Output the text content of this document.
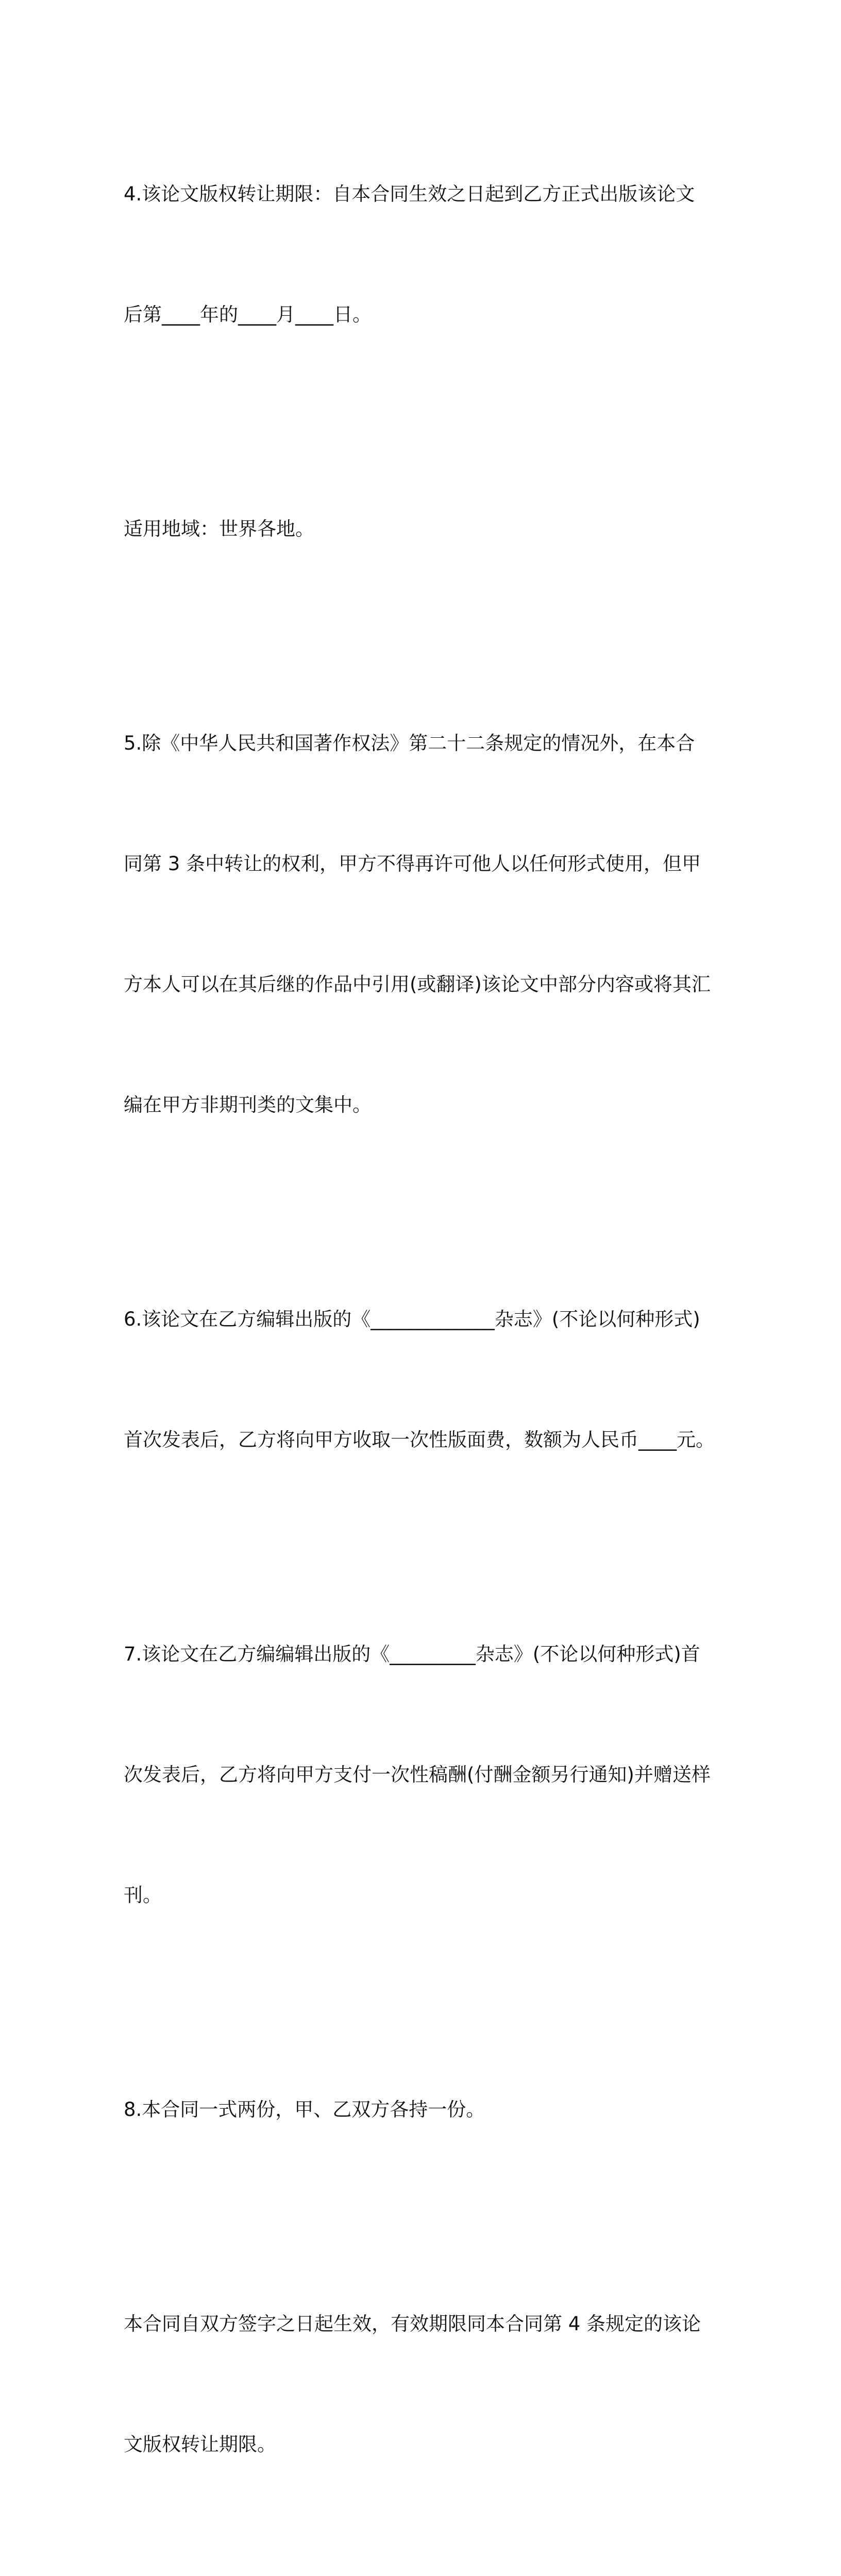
4.该论文版权转让期限：自本合同生效之日起到乙方正式出版该论文

后第____年的____月____日。

适用地域：世界各地。

5.除《中华人民共和国著作权法》第二十二条规定的情况外，在本合

同第 3 条中转让的权利，甲方不得再许可他人以任何形式使用，但甲

方本人可以在其后继的作品中引用(或翻译)该论文中部分内容或将其汇

编在甲方非期刊类的文集中。

6.该论文在乙方编辑出版的《_____________杂志》(不论以何种形式)

首次发表后，乙方将向甲方收取一次性版面费，数额为人民币____元。

7.该论文在乙方编编辑出版的《_________杂志》(不论以何种形式)首

次发表后，乙方将向甲方支付一次性稿酬(付酬金额另行通知)并赠送样

刊。

8.本合同一式两份，甲、乙双方各持一份。

本合同自双方签字之日起生效，有效期限同本合同第 4 条规定的该论

文版权转让期限。
